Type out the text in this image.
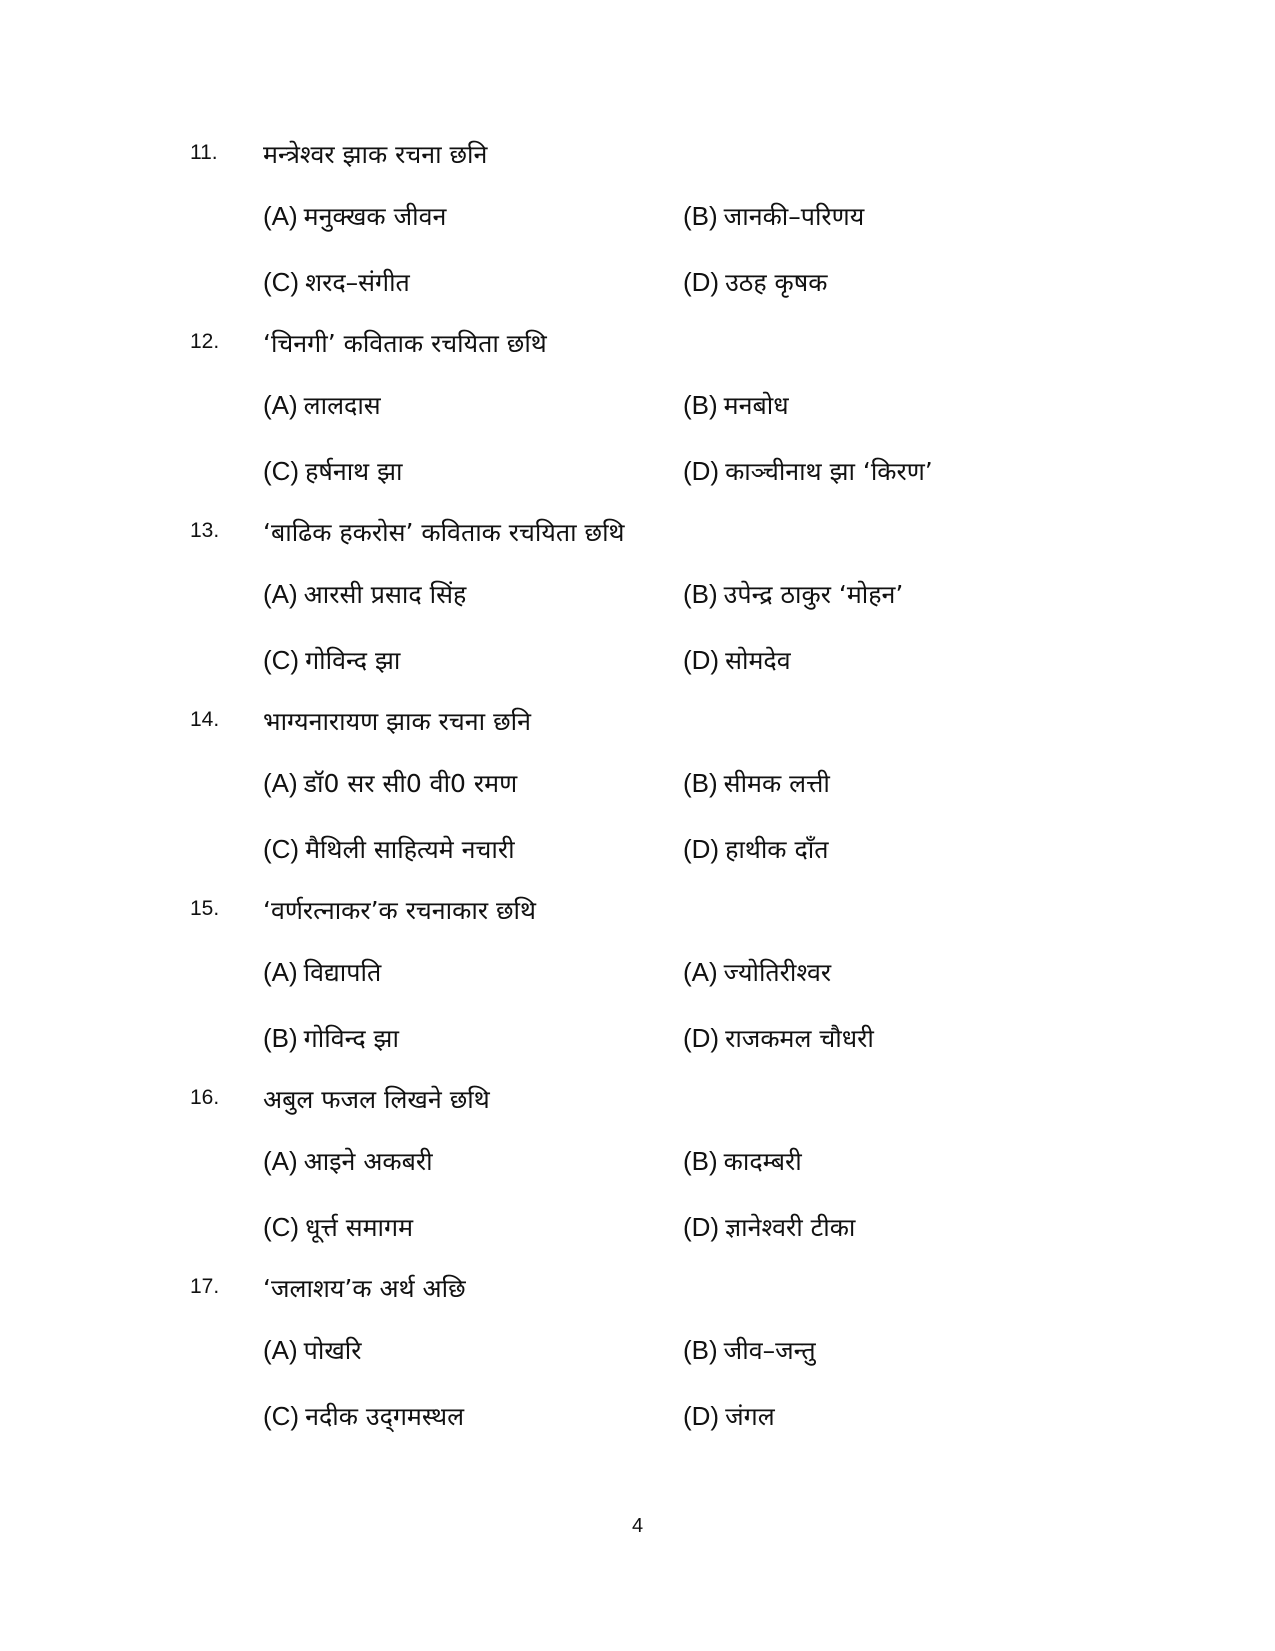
11. मन्त्रेश्वर झाक रचना छनि
(A) मनुक्खक जीवन	(B) जानकी–परिणय
(C) शरद–संगीत	(D) उठह कृषक
12. ‘चिनगी’ कविताक रचयिता छथि
(A) लालदास	(B) मनबोध
(C) हर्षनाथ झा	(D) काञ्चीनाथ झा ‘किरण’
13. ‘बाढिक हकरोस’ कविताक रचयिता छथि
(A) आरसी प्रसाद सिंह	(B) उपेन्द्र ठाकुर ‘मोहन’
(C) गोविन्द झा	(D) सोमदेव
14. भाग्यनारायण झाक रचना छनि
(A) डॉ0 सर सी0 वी0 रमण	(B) सीमक लत्ती
(C) मैथिली साहित्यमे नचारी	(D) हाथीक दाँत
15. ‘वर्णरत्नाकर’क रचनाकार छथि
(A) विद्यापति	(A) ज्योतिरीश्वर
(B) गोविन्द झा	(D) राजकमल चौधरी
16. अबुल फजल लिखने छथि
(A) आइने अकबरी	(B) कादम्बरी
(C) धूर्त्त समागम	(D) ज्ञानेश्वरी टीका
17. ‘जलाशय’क अर्थ अछि
(A) पोखरि	(B) जीव–जन्तु
(C) नदीक उद्‌गमस्थल	(D) जंगल
4
